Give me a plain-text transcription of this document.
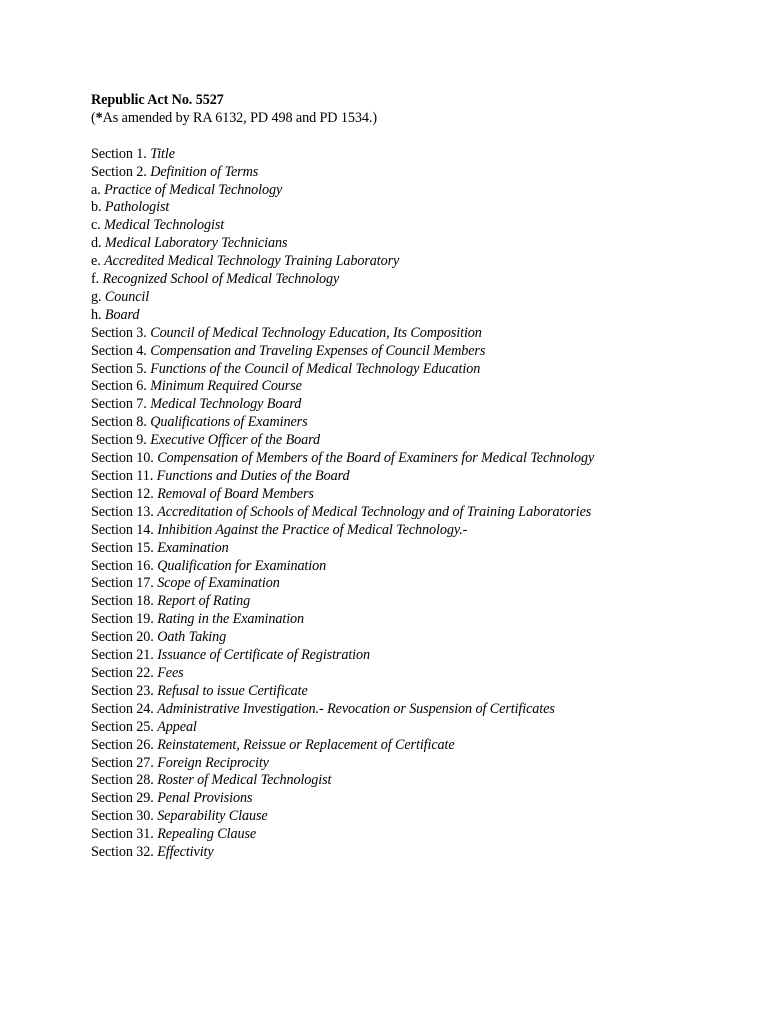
Republic Act No. 5527

(*As amended by RA 6132, PD 498 and PD 1534.)

Section 1. Title
Section 2. Definition of Terms
a. Practice of Medical Technology
b. Pathologist
c. Medical Technologist
d. Medical Laboratory Technicians
e. Accredited Medical Technology Training Laboratory
f. Recognized School of Medical Technology
g. Council
h. Board
Section 3. Council of Medical Technology Education, Its Composition
Section 4. Compensation and Traveling Expenses of Council Members
Section 5. Functions of the Council of Medical Technology Education
Section 6. Minimum Required Course
Section 7. Medical Technology Board
Section 8. Qualifications of Examiners
Section 9. Executive Officer of the Board
Section 10. Compensation of Members of the Board of Examiners for Medical Technology
Section 11. Functions and Duties of the Board
Section 12. Removal of Board Members
Section 13. Accreditation of Schools of Medical Technology and of Training Laboratories
Section 14. Inhibition Against the Practice of Medical Technology.-
Section 15. Examination
Section 16. Qualification for Examination
Section 17. Scope of Examination
Section 18. Report of Rating
Section 19. Rating in the Examination
Section 20. Oath Taking
Section 21. Issuance of Certificate of Registration
Section 22. Fees
Section 23. Refusal to issue Certificate
Section 24. Administrative Investigation.- Revocation or Suspension of Certificates
Section 25. Appeal
Section 26. Reinstatement, Reissue or Replacement of Certificate
Section 27. Foreign Reciprocity
Section 28. Roster of Medical Technologist
Section 29. Penal Provisions
Section 30. Separability Clause
Section 31. Repealing Clause
Section 32. Effectivity
